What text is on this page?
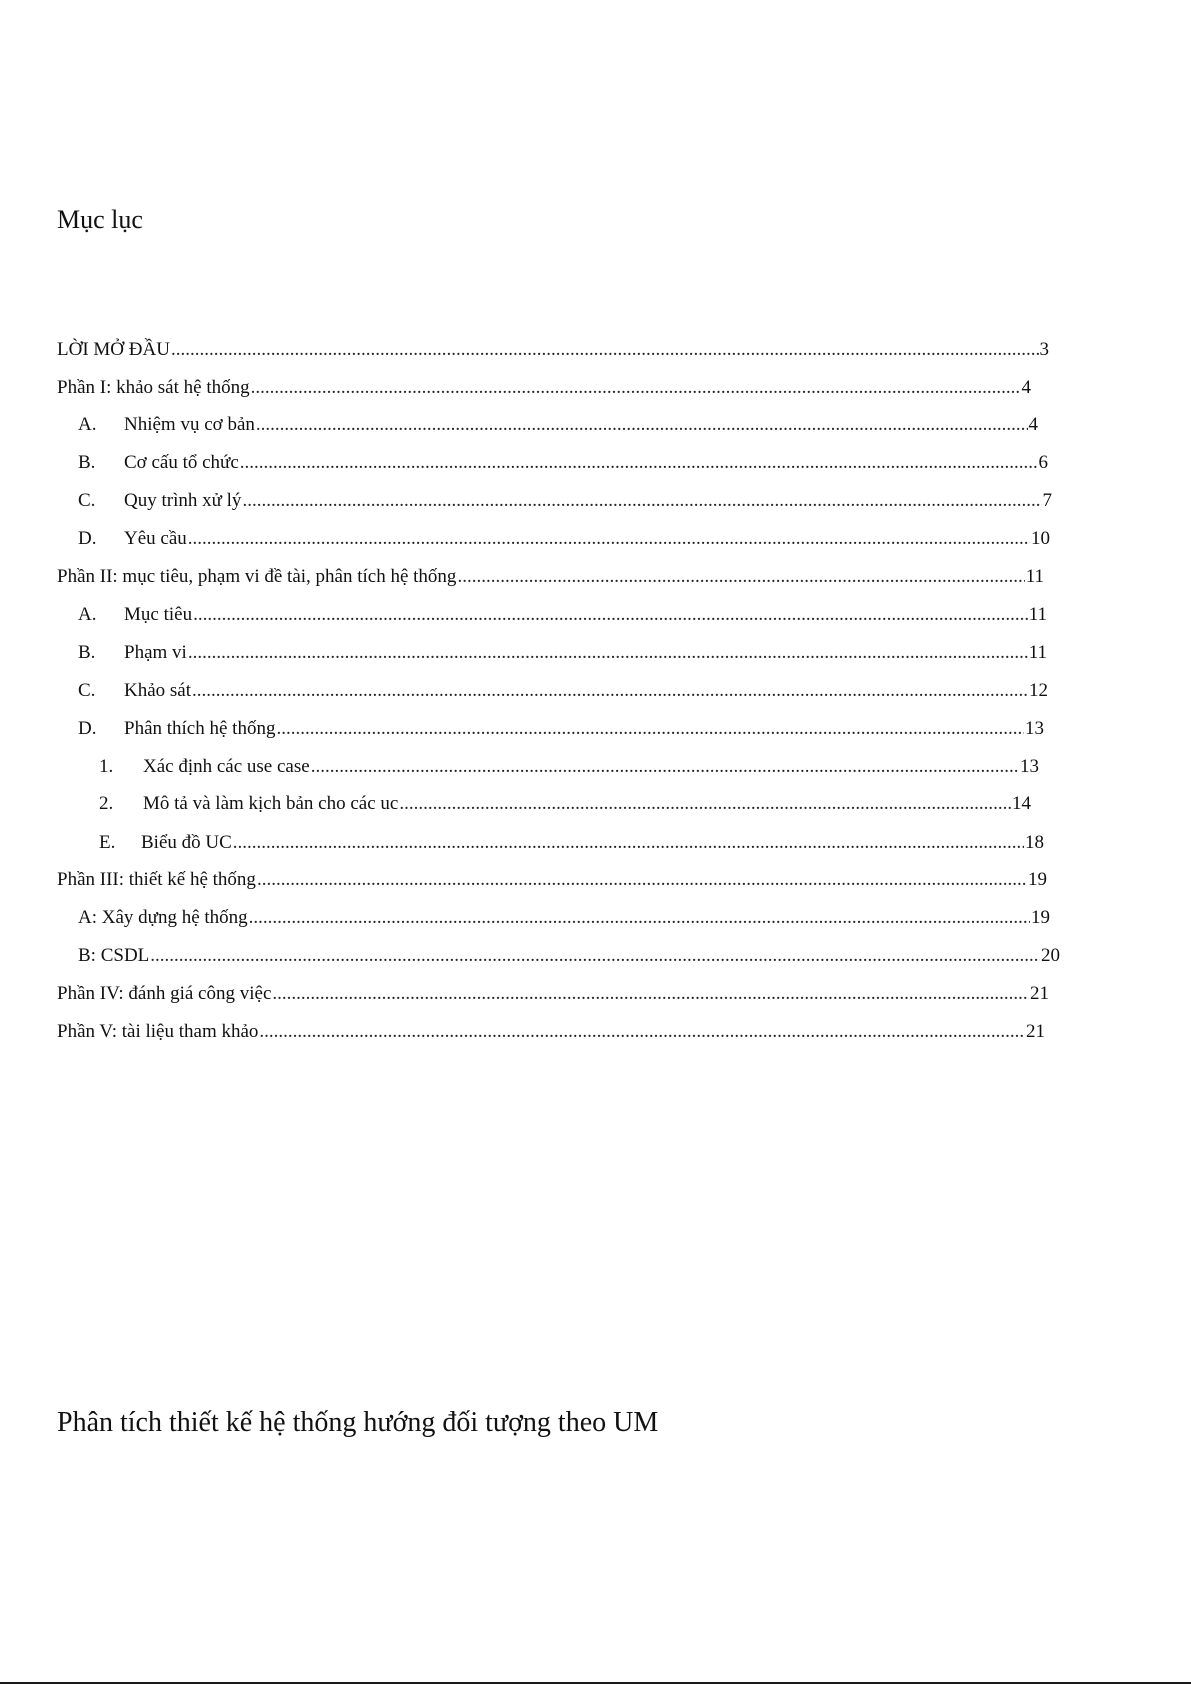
Mục lục
LỜI MỞ ĐẦU .....	3
Phần I: khảo sát hệ thống .....	4
A.	Nhiệm vụ cơ bản .....	4
B.	Cơ cấu tổ chức .....	6
C.	Quy trình xử lý .....	7
D.	Yêu cầu .....	10
Phần II: mục tiêu, phạm vi đề tài, phân tích hệ thống .....	11
A.	Mục tiêu .....	11
B.	Phạm vi .....	11
C.	Khảo sát .....	12
D.	Phân thích hệ thống .....	13
1.	Xác định các use case .....	13
2.	Mô tả và làm kịch bản cho các uc .....	14
E.	Biểu đồ UC .....	18
Phần III: thiết kế hệ thống .....	19
A: Xây dựng hệ thống .....	19
B: CSDL .....	20
Phần IV: đánh giá công việc .....	21
Phần V: tài liệu tham khảo .....	21
Phân tích thiết kế hệ thống hướng đối tượng theo UM
